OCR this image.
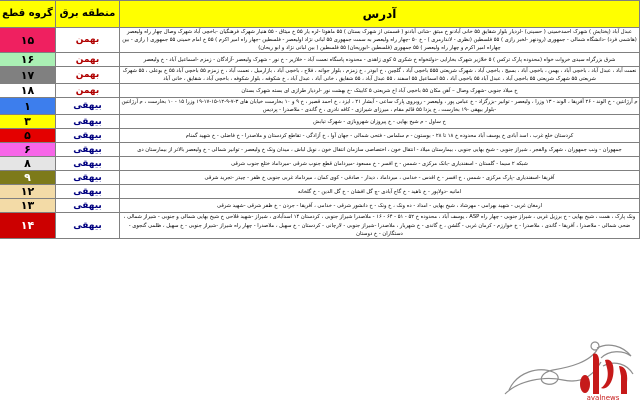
آدرس	منطقه برق	گروه قطع
عبدل آباد (پختایش ) شهرک احمدخمینی ( حسینی) -لردیار بلوار شقایق ۵۵ خانی آبادنو خ مبثق -شانی آبادنو ( قسمتی از شهرک بستان ) ۵۵ ماهوتا -لره یار ۵۵ خ میثاق - ۵۵ هنیار شهرک فرهنگیان -باخچی آباد شهرک وصال چهار راه ولیعصر (هاشمی فرد) -دانشگاه شمالی - جمهوری (رودنهر -لخبر رازی ) ۵۵ فلسطین (نظری - لاندارمری ) - خ ۵۰ -چهار راه ولیعصر به سمت جمهوری ۵۵ لبانی نژاد اولیعصر - فلسطین -جهار راه امیر اکرم ) ۵۵ خ امام خمینی ۵۵ جمهوری ( رازی - بین چهاراه امیر اکرم و چهار راه ولیعصر ) ۵۵ جمهوری (فلسطین -ابوریحان) ۵۵ فلسطین ( بین لبانی نژاد و ابو ریحان)	بهمن	۱۵
شرق بزرگراه سیدی خروات خواه (محدوده پارک ترکس ) ۵ خلازیر شهرک بخارایی -دولتخواه خ شکری ۵ کوی زاهدی - محدوده پاسگاه نعمت آباد - خلازیر - خ نور - شهرک ولیعصر -آزادگان - زمزم -اسماعیل آباد - خ ولیعصر	بهمن	۱۶
نعمت آباد ، عبدل آباد ، باخچی آباد ، بهمن ، باخچی آباد ، بسیج ، باخچی آباد ، شهرک شریعتی ۵۵۵ باخچی آباد ، گلچین ، خ ابوذر ، خ زمزم ، بلوار جوانه ، فلاح ، باخچی آباد ، بازارمیل ، نعمت آباد ، خ زمزم ۵۵ باخچی آباد ۵۵ خ بوعلی ، ۵۵ شهرک شریعتی ۵۵ شهرک شریعتی ۵۵ باخچی آباد ، عبدل آباد ۵۵ باخچی آباد ، ۵۵ اسماعیل ۵۵ اسفند ، ۵۵ عبدل آباد ، ۵۵ شقایق ، خانی آباد ، عبدل آباد ، خ شکوفه ، بلوار شکوفه ، باخچی آباد ، شقایق ، خانی آباد	بهمن	۱۷
خ میلاد جنوبی -شهرک وصال – آهن مکان ۵۵ باخچی آباد اخ شریعتی ۵ کابیتک -خ بهشت نور -لردیار طرازی ای بسته شهرک بستان	بهمن	۱۸
م آرژانتین - خ الوند - ۲۶ آفریقا ، الوند - ۱۳ وزرا ، ولیعصر - توانیر -بزرگزاد - خ عباس پور ، ولیعصر - روبروی پارک ساعی - آبشار ۲۱ ، ایزد ، خ احمد قصیر ، خ ۹ و ۱۰ بخارست خیابان های ۳-۷-۹-۱۲-۱۵-۱۷-۱۹ وزرا ۱۵ - ۱۰ بخارست ، م آرژانتین -بلوار بیهقی -۱۹ بخارست ، خ یزدا ۵۵ قائم مقام ، میرزای شیرازی - کافه نادری ، خ گاندی - ملاصدرا - پردیس	بیهقی	۱
خ ساول - م شیخ بهایی - خ پیروزان شهروبازی - شهرک تیابش	بیهقی	۳
کردستان خلع غرب ، اسد آبادی خ یوسف آباد محدوده خ ۱۸ تا ۲۸ - بوستون - م سلماس - فتحی شمالی - جهان آوا ، خ آزادگی - تقاطع کردستان و ملاصدرا - خ فاضلی - خ شهید گمنام	بیهقی	۵
جمهوران - ونب جمهوران ، شهرک والفجر ، شیراز جنوبی - شیخ بهایی جنوبی ، بیمارستان میلاد - انتقال خون ، اختصاصی سازمان انتقال خون ، نوبل لباش ، میدان ونک خ ولیعصر - توانیر شمالی - خ ولیعصر بالاتر از بیمارستان دی	بیهقی	۶
شبکه ۲ سیما - گلستان - اسفندیاری -بانک مرکزی - شمس - خ افسر - خ مسعود -میردامان قطع جنوب شرقی -میرداماد ختلع جنوب شرقی	بیهقی	۸
آفریقا -اسفندیاری -پارک مرکزی - شمس ، خ افسر - خ اقدس - خدامی ، میرداماد ، دیدار - صادقی - کوی کمان ، میرداماد غربی جنوبی خ ظفر - چیذر -تجرید شرقی	بیهقی	۹
امانیه -دولاپور - خ ناهید - خ گاج آبادی -چ گل افشان - خ گل الدین - خ گلخانه	بیهقی	۱۲
ارمغان غربی - شهید بهرامی - مهرشاد ، شیخ بهایی - امداد - ده ونک ، خ ونک - خ دانشور شرقی - خدامی ، آفریقا - جردن - خ ظفر شرقی -شهید شرقی	بیهقی	۱۳
ونک پارک ، همت ، شیخ بهایی - خ برزیل غربی ، شیراز جنوبی - چهار راه ASP ، یوسف آباد ، محدوده خ ۵۲ - ۵۱ - ۶۴ - ۱۶ - ملاصدرا شیراز جنوبی ، کردستان ۱۴ اسدآبادی ، شیراز -شهید قلاحی خ شیخ بهایی شمالی و جنوبی - شیراز شمالی ، ضحی شمالی - ملاصدرا ، آفریقا - گاندی ، ملاصدرا - خ خوارزم - کرمان غربی - گلشن ، خ گاندی - خ شهریار ، ملاصدرا -شیراز جنوبی - لارچانی - کردستان - خ سهیل ، ملاصدرا - چهار راه شیراز -شیراز جنوبی - خ سهیل ، ظلمی گنجوی - دستگاران - خ دوستان	بیهقی	۱۴
avalnews
